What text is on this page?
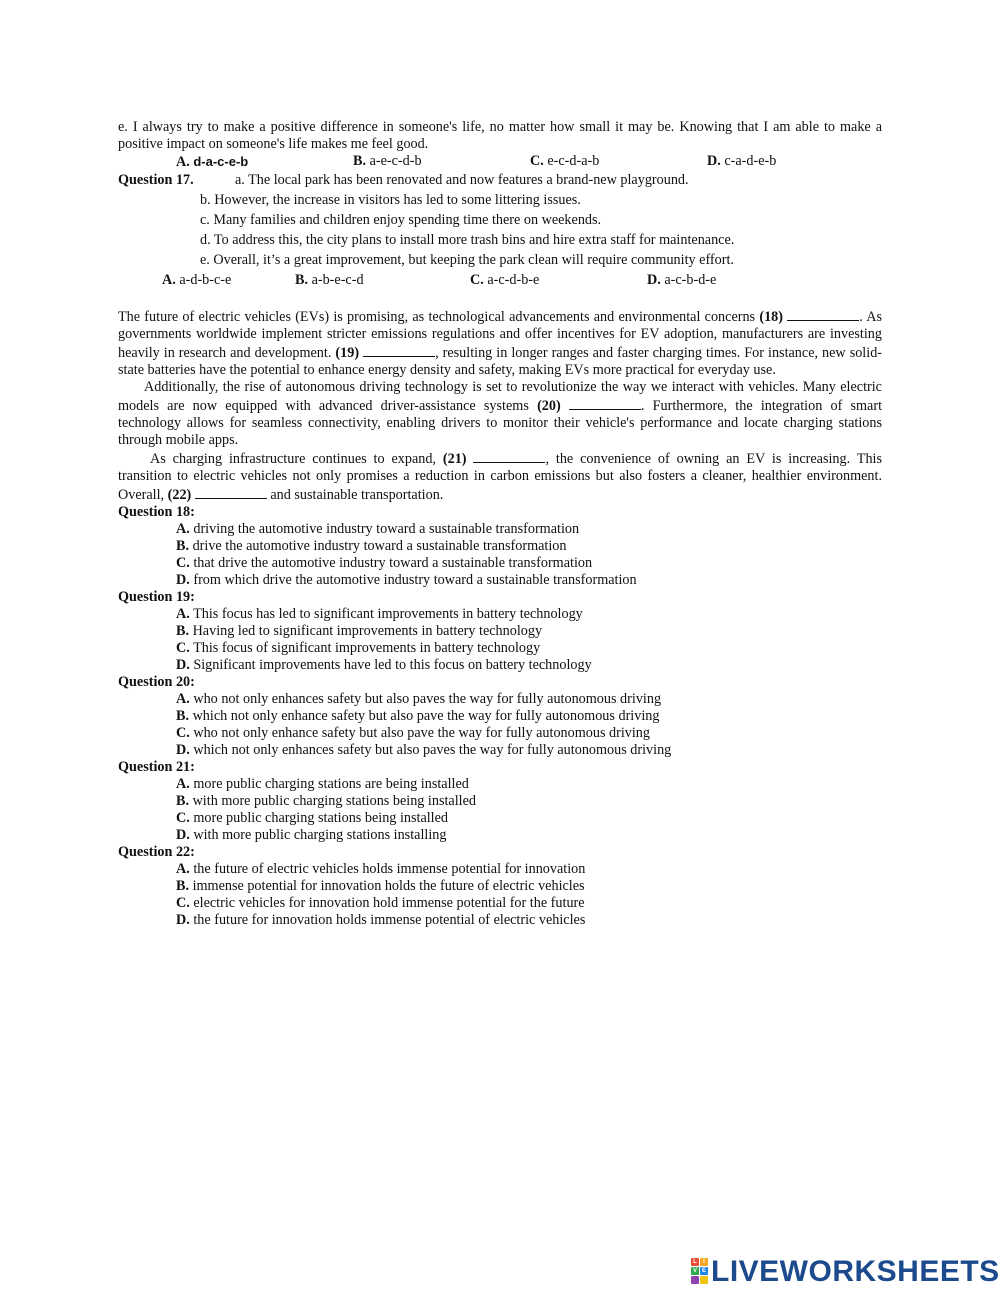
e. I always try to make a positive difference in someone's life, no matter how small it may be. Knowing that I am able to make a positive impact on someone's life makes me feel good.

A. d-a-c-e-b	B. a-e-c-d-b	C. e-c-d-a-b	D. c-a-d-e-b
Question 17.	a. The local park has been renovated and now features a brand-new playground.
b. However, the increase in visitors has led to some littering issues.
c. Many families and children enjoy spending time there on weekends.
d. To address this, the city plans to install more trash bins and hire extra staff for maintenance.
e. Overall, it’s a great improvement, but keeping the park clean will require community effort.
A. a-d-b-c-e	B. a-b-e-c-d	C. a-c-d-b-e	D. a-c-b-d-e

The future of electric vehicles (EVs) is promising, as technological advancements and environmental concerns (18)	. As governments worldwide implement stricter emissions regulations and offer incentives for EV adoption, manufacturers are investing heavily in research and development. (19)	, resulting in longer ranges and faster charging times. For instance, new solid-state batteries have the potential to enhance energy density and safety, making EVs more practical for everyday use.

Additionally, the rise of autonomous driving technology is set to revolutionize the way we interact with vehicles. Many electric models are now equipped with advanced driver-assistance systems (20)	. Furthermore, the integration of smart technology allows for seamless connectivity, enabling drivers to monitor their vehicle's performance and locate charging stations through mobile apps.

As charging infrastructure continues to expand, (21)	, the convenience of owning an EV is increasing. This transition to electric vehicles not only promises a reduction in carbon emissions but also fosters a cleaner, healthier environment. Overall, (22)	and sustainable transportation.

Question 18:

A. driving the automotive industry toward a sustainable transformation

B. drive the automotive industry toward a sustainable transformation

C. that drive the automotive industry toward a sustainable transformation

D. from which drive the automotive industry toward a sustainable transformation

Question 19:

A. This focus has led to significant improvements in battery technology

B. Having led to significant improvements in battery technology

C. This focus of significant improvements in battery technology

D. Significant improvements have led to this focus on battery technology

Question 20:

A. who not only enhances safety but also paves the way for fully autonomous driving

B. which not only enhance safety but also pave the way for fully autonomous driving

C. who not only enhance safety but also pave the way for fully autonomous driving

D. which not only enhances safety but also paves the way for fully autonomous driving

Question 21:

A. more public charging stations are being installed

B. with more public charging stations being installed

C. more public charging stations being installed

D. with more public charging stations installing

Question 22:

A. the future of electric vehicles holds immense potential for innovation

B. immense potential for innovation holds the future of electric vehicles

C. electric vehicles for innovation hold immense potential for the future

D. the future for innovation holds immense potential of electric vehicles

L	I
V E LIVEWORKSHEETS
